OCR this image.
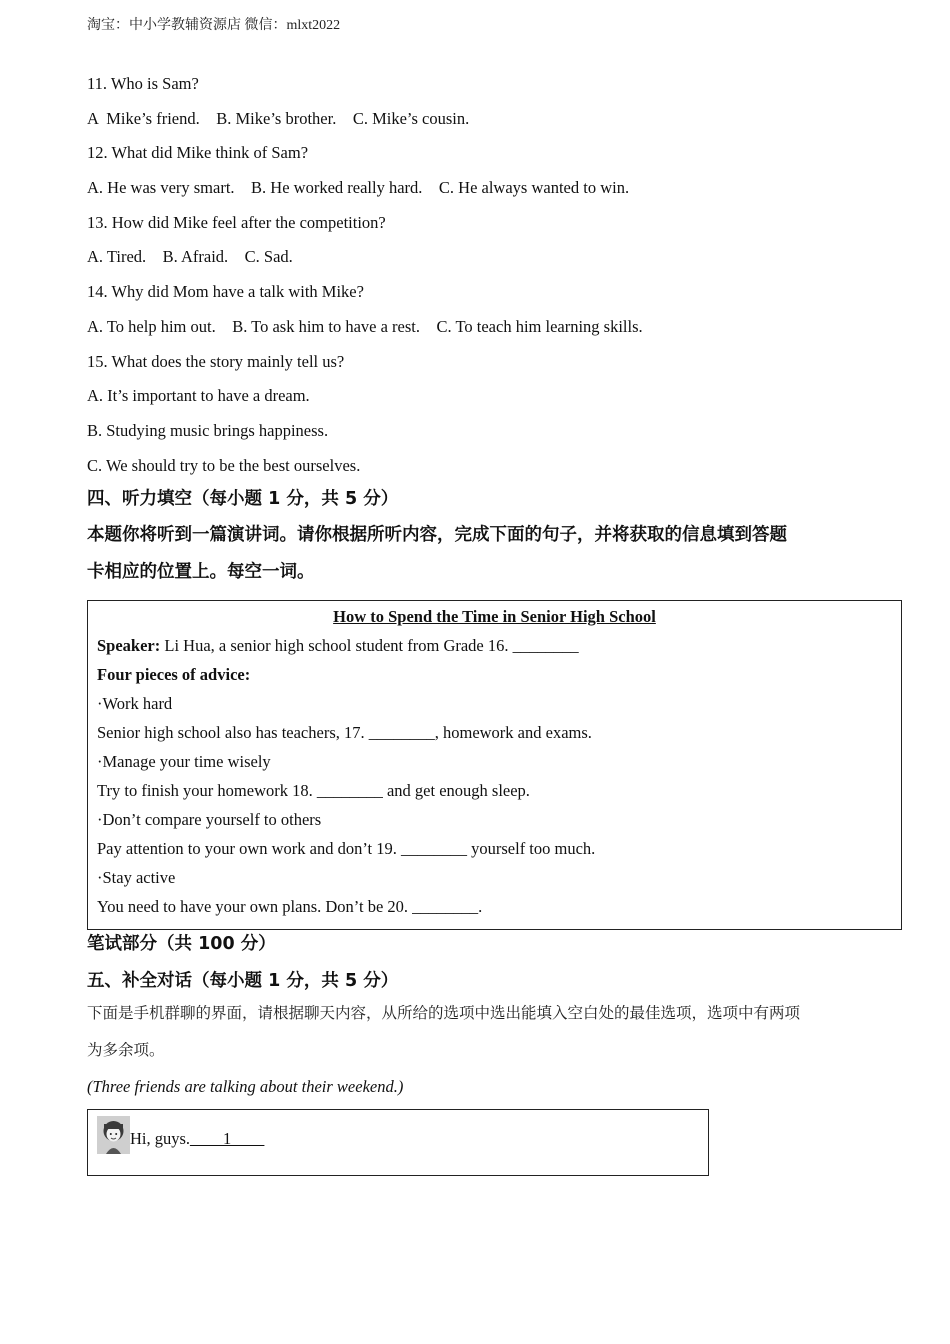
淘宝：中小学教辅资源店 微信：mlxt2022

11. Who is Sam?

A  Mike’s friend.    B. Mike’s brother.    C. Mike’s cousin.

12. What did Mike think of Sam?

A. He was very smart.    B. He worked really hard.    C. He always wanted to win.

13. How did Mike feel after the competition?

A. Tired.    B. Afraid.    C. Sad.

14. Why did Mom have a talk with Mike?

A. To help him out.    B. To ask him to have a rest.    C. To teach him learning skills.

15. What does the story mainly tell us?

A. It’s important to have a dream.

B. Studying music brings happiness.

C. We should try to be the best ourselves.

四、听力填空（每小题 1 分，共 5 分）

本题你将听到一篇演讲词。请你根据所听内容，完成下面的句子，并将获取的信息填到答题

卡相应的位置上。每空一词。

How to Spend the Time in Senior High School
Speaker: Li Hua, a senior high school student from Grade 16. ________
Four pieces of advice:
·Work hard
Senior high school also has teachers, 17. ________, homework and exams.
·Manage your time wisely
Try to finish your homework 18. ________ and get enough sleep.
·Don’t compare yourself to others
Pay attention to your own work and don’t 19. ________ yourself too much.
·Stay active
You need to have your own plans. Don’t be 20. ________.

笔试部分（共 100 分）

五、补全对话（每小题 1 分，共 5 分）

下面是手机群聊的界面，请根据聊天内容，从所给的选项中选出能填入空白处的最佳选项，选项中有两项

为多余项。

(Three friends are talking about their weekend.)

Hi, guys.____1____
